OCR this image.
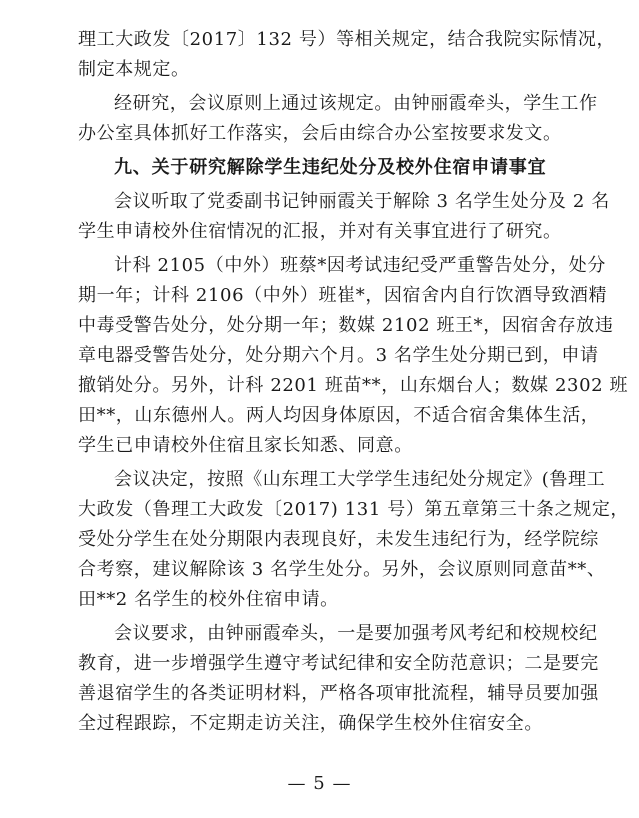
理工大政发〔2017〕132 号）等相关规定，结合我院实际情况，
制定本规定。
经研究，会议原则上通过该规定。由钟丽霞牵头，学生工作
办公室具体抓好工作落实，会后由综合办公室按要求发文。
九、关于研究解除学生违纪处分及校外住宿申请事宜
会议听取了党委副书记钟丽霞关于解除 3 名学生处分及 2 名
学生申请校外住宿情况的汇报，并对有关事宜进行了研究。
计科 2105（中外）班蔡*因考试违纪受严重警告处分，处分
期一年；计科 2106（中外）班崔*，因宿舍内自行饮酒导致酒精
中毒受警告处分，处分期一年；数媒 2102 班王*，因宿舍存放违
章电器受警告处分，处分期六个月。3 名学生处分期已到，申请
撤销处分。另外，计科 2201 班苗**，山东烟台人；数媒 2302 班
田**，山东德州人。两人均因身体原因，不适合宿舍集体生活，
学生已申请校外住宿且家长知悉、同意。
会议决定，按照《山东理工大学学生违纪处分规定》(鲁理工
大政发（鲁理工大政发〔2017) 131 号）第五章第三十条之规定，
受处分学生在处分期限内表现良好，未发生违纪行为，经学院综
合考察，建议解除该 3 名学生处分。另外，会议原则同意苗**、
田**2 名学生的校外住宿申请。
会议要求，由钟丽霞牵头，一是要加强考风考纪和校规校纪
教育，进一步增强学生遵守考试纪律和安全防范意识；二是要完
— 5 —
善退宿学生的各类证明材料，严格各项审批流程，辅导员要加强
全过程跟踪，不定期走访关注，确保学生校外住宿安全。
